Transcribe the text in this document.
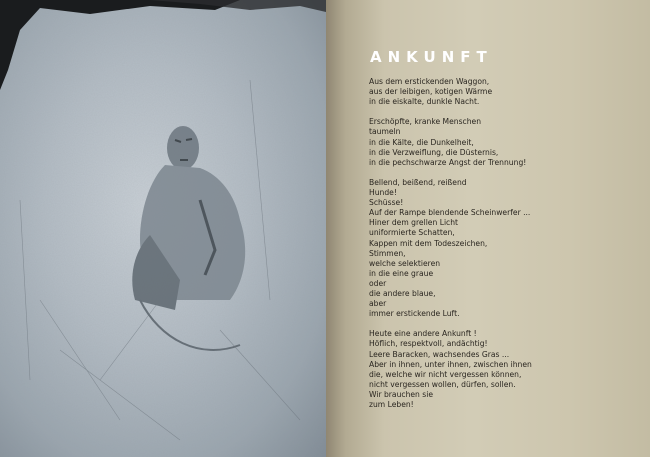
ANKUNFT
Aus dem erstickenden Waggon,
aus der leibigen, kotigen Wärme
in die eiskalte, dunkle Nacht.
Erschöpfte, kranke Menschen
taumeln
in die Kälte, die Dunkelheit,
in die Verzweiflung, die Düsternis,
in die pechschwarze Angst der Trennung!
Bellend, beißend, reißend
Hunde!
Schüsse!
Auf der Rampe blendende Scheinwerfer ...
Hiner dem grellen Licht
uniformierte Schatten,
Kappen mit dem Todeszeichen,
Stimmen,
welche selektieren
in die eine graue
oder
die andere blaue,
aber
immer erstickende Luft.
Heute eine andere Ankunft !
Höflich, respektvoll, andächtig!
Leere Baracken, wachsendes Gras ...
Aber in ihnen, unter ihnen, zwischen ihnen
die, welche wir nicht vergessen können,
nicht vergessen wollen, dürfen, sollen.
Wir brauchen sie
zum Leben!
